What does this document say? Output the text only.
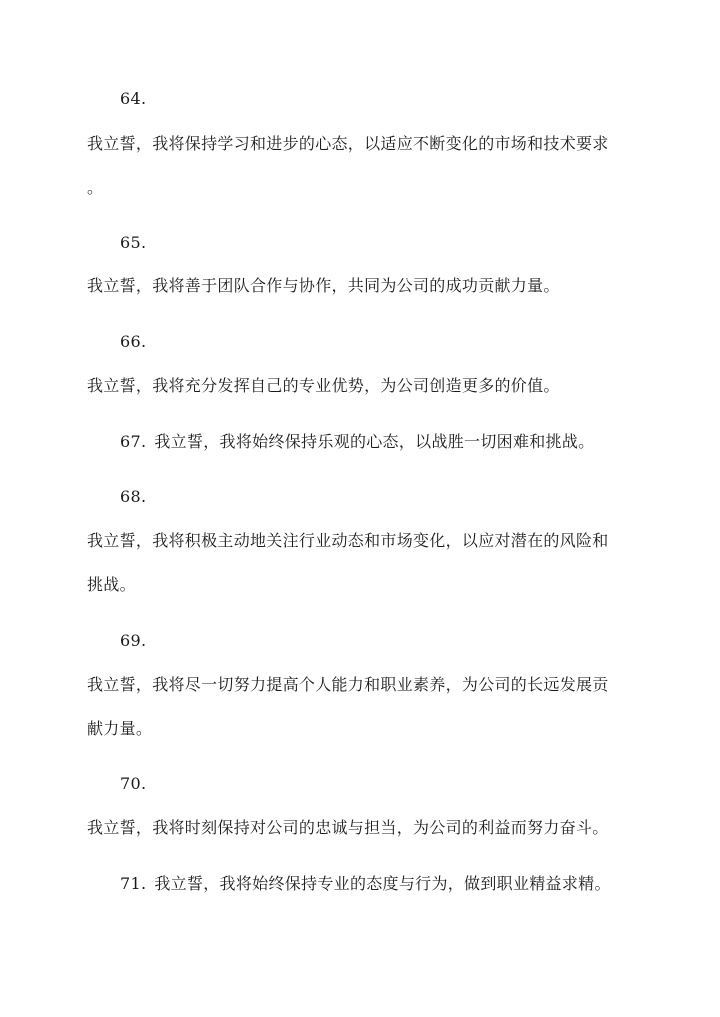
64.
我立誓，我将保持学习和进步的心态，以适应不断变化的市场和技术要求
。
65.
我立誓，我将善于团队合作与协作，共同为公司的成功贡献力量。
66.
我立誓，我将充分发挥自己的专业优势，为公司创造更多的价值。
67. 我立誓，我将始终保持乐观的心态，以战胜一切困难和挑战。
68.
我立誓，我将积极主动地关注行业动态和市场变化，以应对潜在的风险和
挑战。
69.
我立誓，我将尽一切努力提高个人能力和职业素养，为公司的长远发展贡
献力量。
70.
我立誓，我将时刻保持对公司的忠诚与担当，为公司的利益而努力奋斗。
71. 我立誓，我将始终保持专业的态度与行为，做到职业精益求精。
